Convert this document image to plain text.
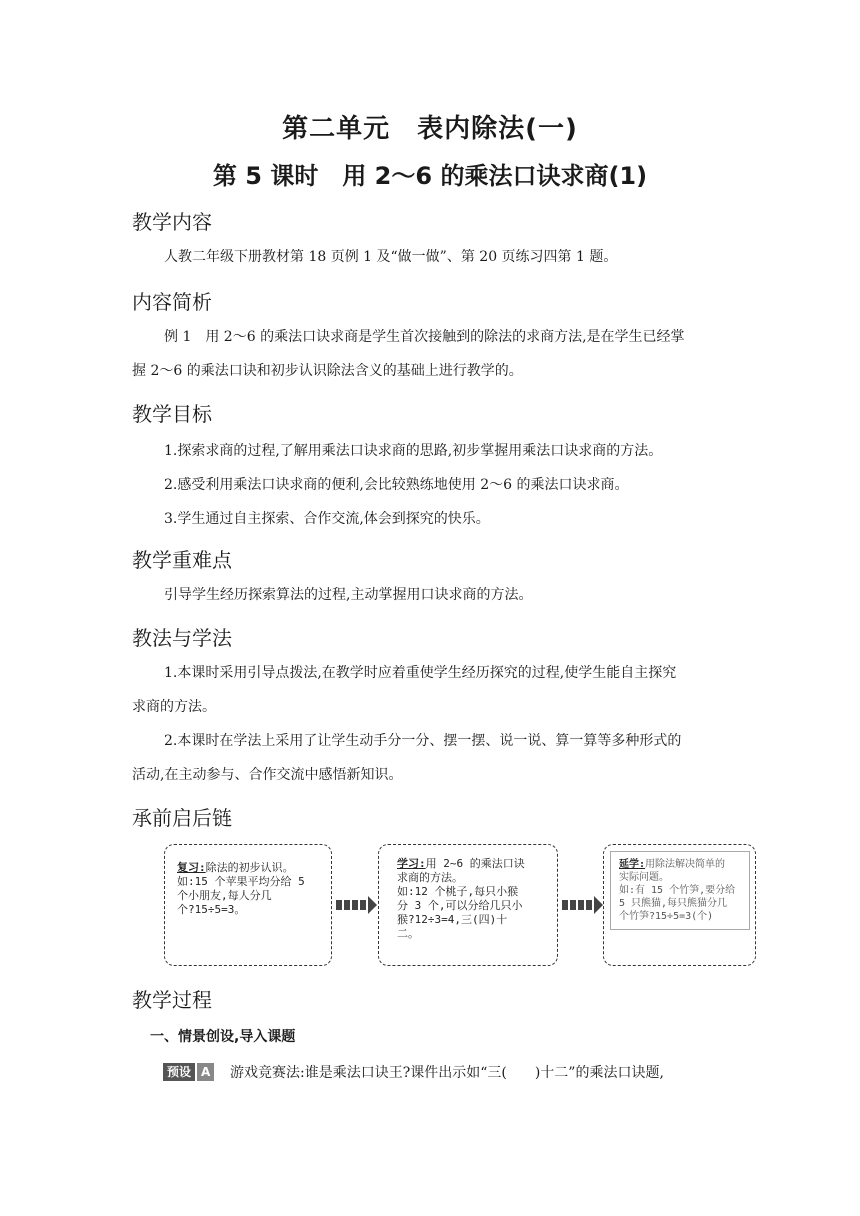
第二单元　表内除法(一)
第 5 课时　用 2～6 的乘法口诀求商(1)
教学内容
人教二年级下册教材第 18 页例 1 及“做一做”、第 20 页练习四第 1 题。
内容简析
例 1　用 2～6 的乘法口诀求商是学生首次接触到的除法的求商方法,是在学生已经掌
握 2～6 的乘法口诀和初步认识除法含义的基础上进行教学的。
教学目标
1.探索求商的过程,了解用乘法口诀求商的思路,初步掌握用乘法口诀求商的方法。
2.感受利用乘法口诀求商的便利,会比较熟练地使用 2～6 的乘法口诀求商。
3.学生通过自主探索、合作交流,体会到探究的快乐。
教学重难点
引导学生经历探索算法的过程,主动掌握用口诀求商的方法。
教法与学法
1.本课时采用引导点拨法,在教学时应着重使学生经历探究的过程,使学生能自主探究
求商的方法。
2.本课时在学法上采用了让学生动手分一分、摆一摆、说一说、算一算等多种形式的
活动,在主动参与、合作交流中感悟新知识。
承前启后链
复习:除法的初步认识。
如:15 个苹果平均分给 5
个小朋友,每人分几
个?15÷5=3。
学习:用 2~6 的乘法口诀
求商的方法。
如:12 个桃子,每只小猴
分 3 个,可以分给几只小
猴?12÷3=4,三(四)十
二。
延学:用除法解决简单的
实际问题。
如:有 15 个竹笋,要分给
5 只熊猫,每只熊猫分几
个竹笋?15÷5=3(个)
教学过程
一、情景创设,导入课题
预设 A 游戏竞赛法:谁是乘法口诀王?课件出示如“三(　　)十二”的乘法口诀题,
